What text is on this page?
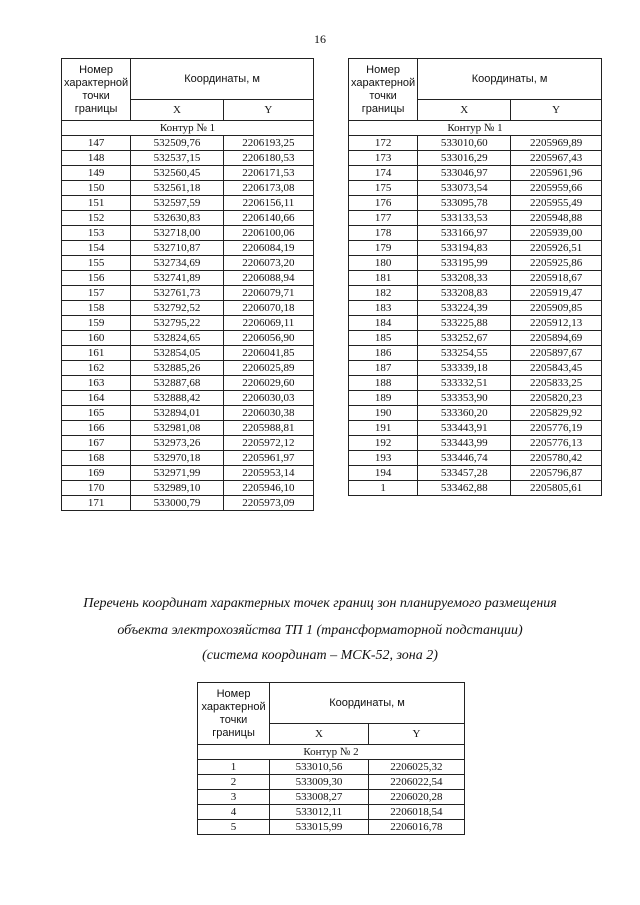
16
Номер характерной точки границы	Координаты, м	
	X	Y
Контур № 1		
147	532509,76	2206193,25
148	532537,15	2206180,53
149	532560,45	2206171,53
150	532561,18	2206173,08
151	532597,59	2206156,11
152	532630,83	2206140,66
153	532718,00	2206100,06
154	532710,87	2206084,19
155	532734,69	2206073,20
156	532741,89	2206088,94
157	532761,73	2206079,71
158	532792,52	2206070,18
159	532795,22	2206069,11
160	532824,65	2206056,90
161	532854,05	2206041,85
162	532885,26	2206025,89
163	532887,68	2206029,60
164	532888,42	2206030,03
165	532894,01	2206030,38
166	532981,08	2205988,81
167	532973,26	2205972,12
168	532970,18	2205961,97
169	532971,99	2205953,14
170	532989,10	2205946,10
171	533000,79	2205973,09
Номер характерной точки границы	Координаты, м	
	X	Y
Контур № 1		
172	533010,60	2205969,89
173	533016,29	2205967,43
174	533046,97	2205961,96
175	533073,54	2205959,66
176	533095,78	2205955,49
177	533133,53	2205948,88
178	533166,97	2205939,00
179	533194,83	2205926,51
180	533195,99	2205925,86
181	533208,33	2205918,67
182	533208,83	2205919,47
183	533224,39	2205909,85
184	533225,88	2205912,13
185	533252,67	2205894,69
186	533254,55	2205897,67
187	533339,18	2205843,45
188	533332,51	2205833,25
189	533353,90	2205820,23
190	533360,20	2205829,92
191	533443,91	2205776,19
192	533443,99	2205776,13
193	533446,74	2205780,42
194	533457,28	2205796,87
1	533462,88	2205805,61
Перечень координат характерных точек границ зон планируемого размещения
объекта электрохозяйства ТП 1 (трансформаторной подстанции)
(система координат – МСК-52, зона 2)
Номер характерной точки границы	Координаты, м	
	X	Y
Контур № 2		
1	533010,56	2206025,32
2	533009,30	2206022,54
3	533008,27	2206020,28
4	533012,11	2206018,54
5	533015,99	2206016,78
